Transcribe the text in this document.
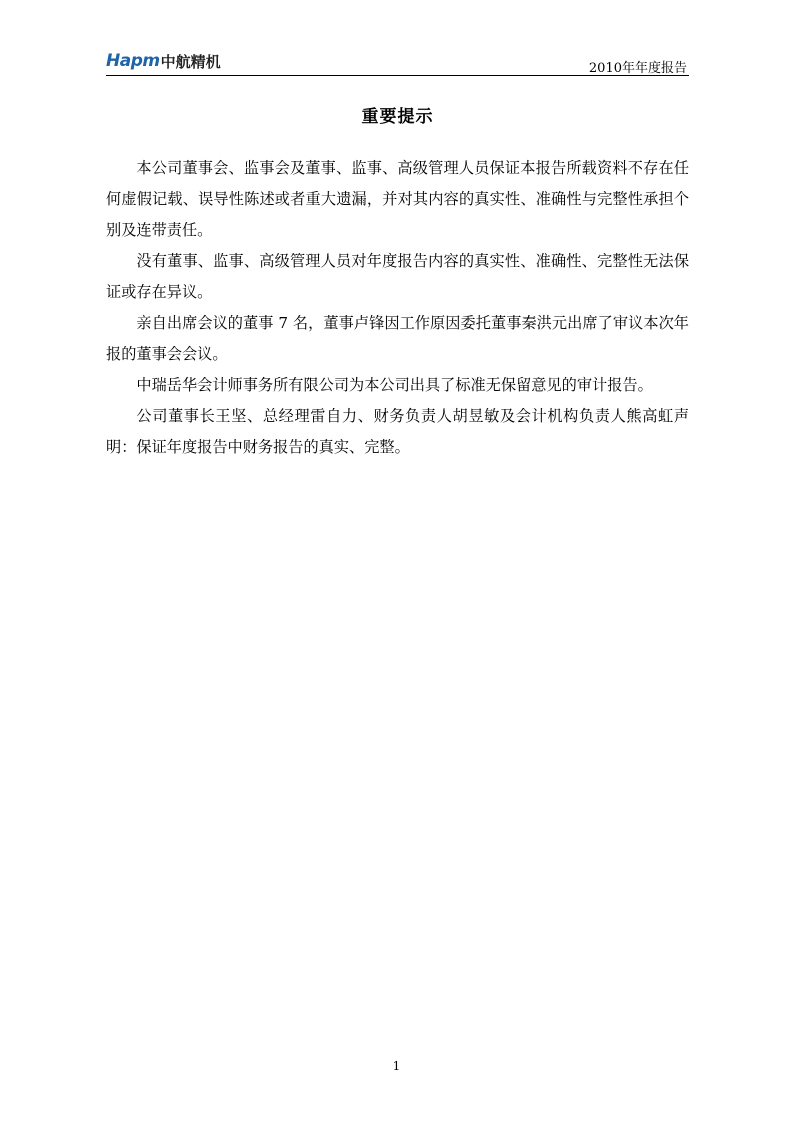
Hapm 中航精机	2010年年度报告
重要提示

本公司董事会、监事会及董事、监事、高级管理人员保证本报告所载资料不存在任何虚假记载、误导性陈述或者重大遗漏，并对其内容的真实性、准确性与完整性承担个别及连带责任。

没有董事、监事、高级管理人员对年度报告内容的真实性、准确性、完整性无法保证或存在异议。

亲自出席会议的董事 7 名，董事卢锋因工作原因委托董事秦洪元出席了审议本次年报的董事会会议。

中瑞岳华会计师事务所有限公司为本公司出具了标准无保留意见的审计报告。

公司董事长王坚、总经理雷自力、财务负责人胡昱敏及会计机构负责人熊高虹声明：保证年度报告中财务报告的真实、完整。

1
